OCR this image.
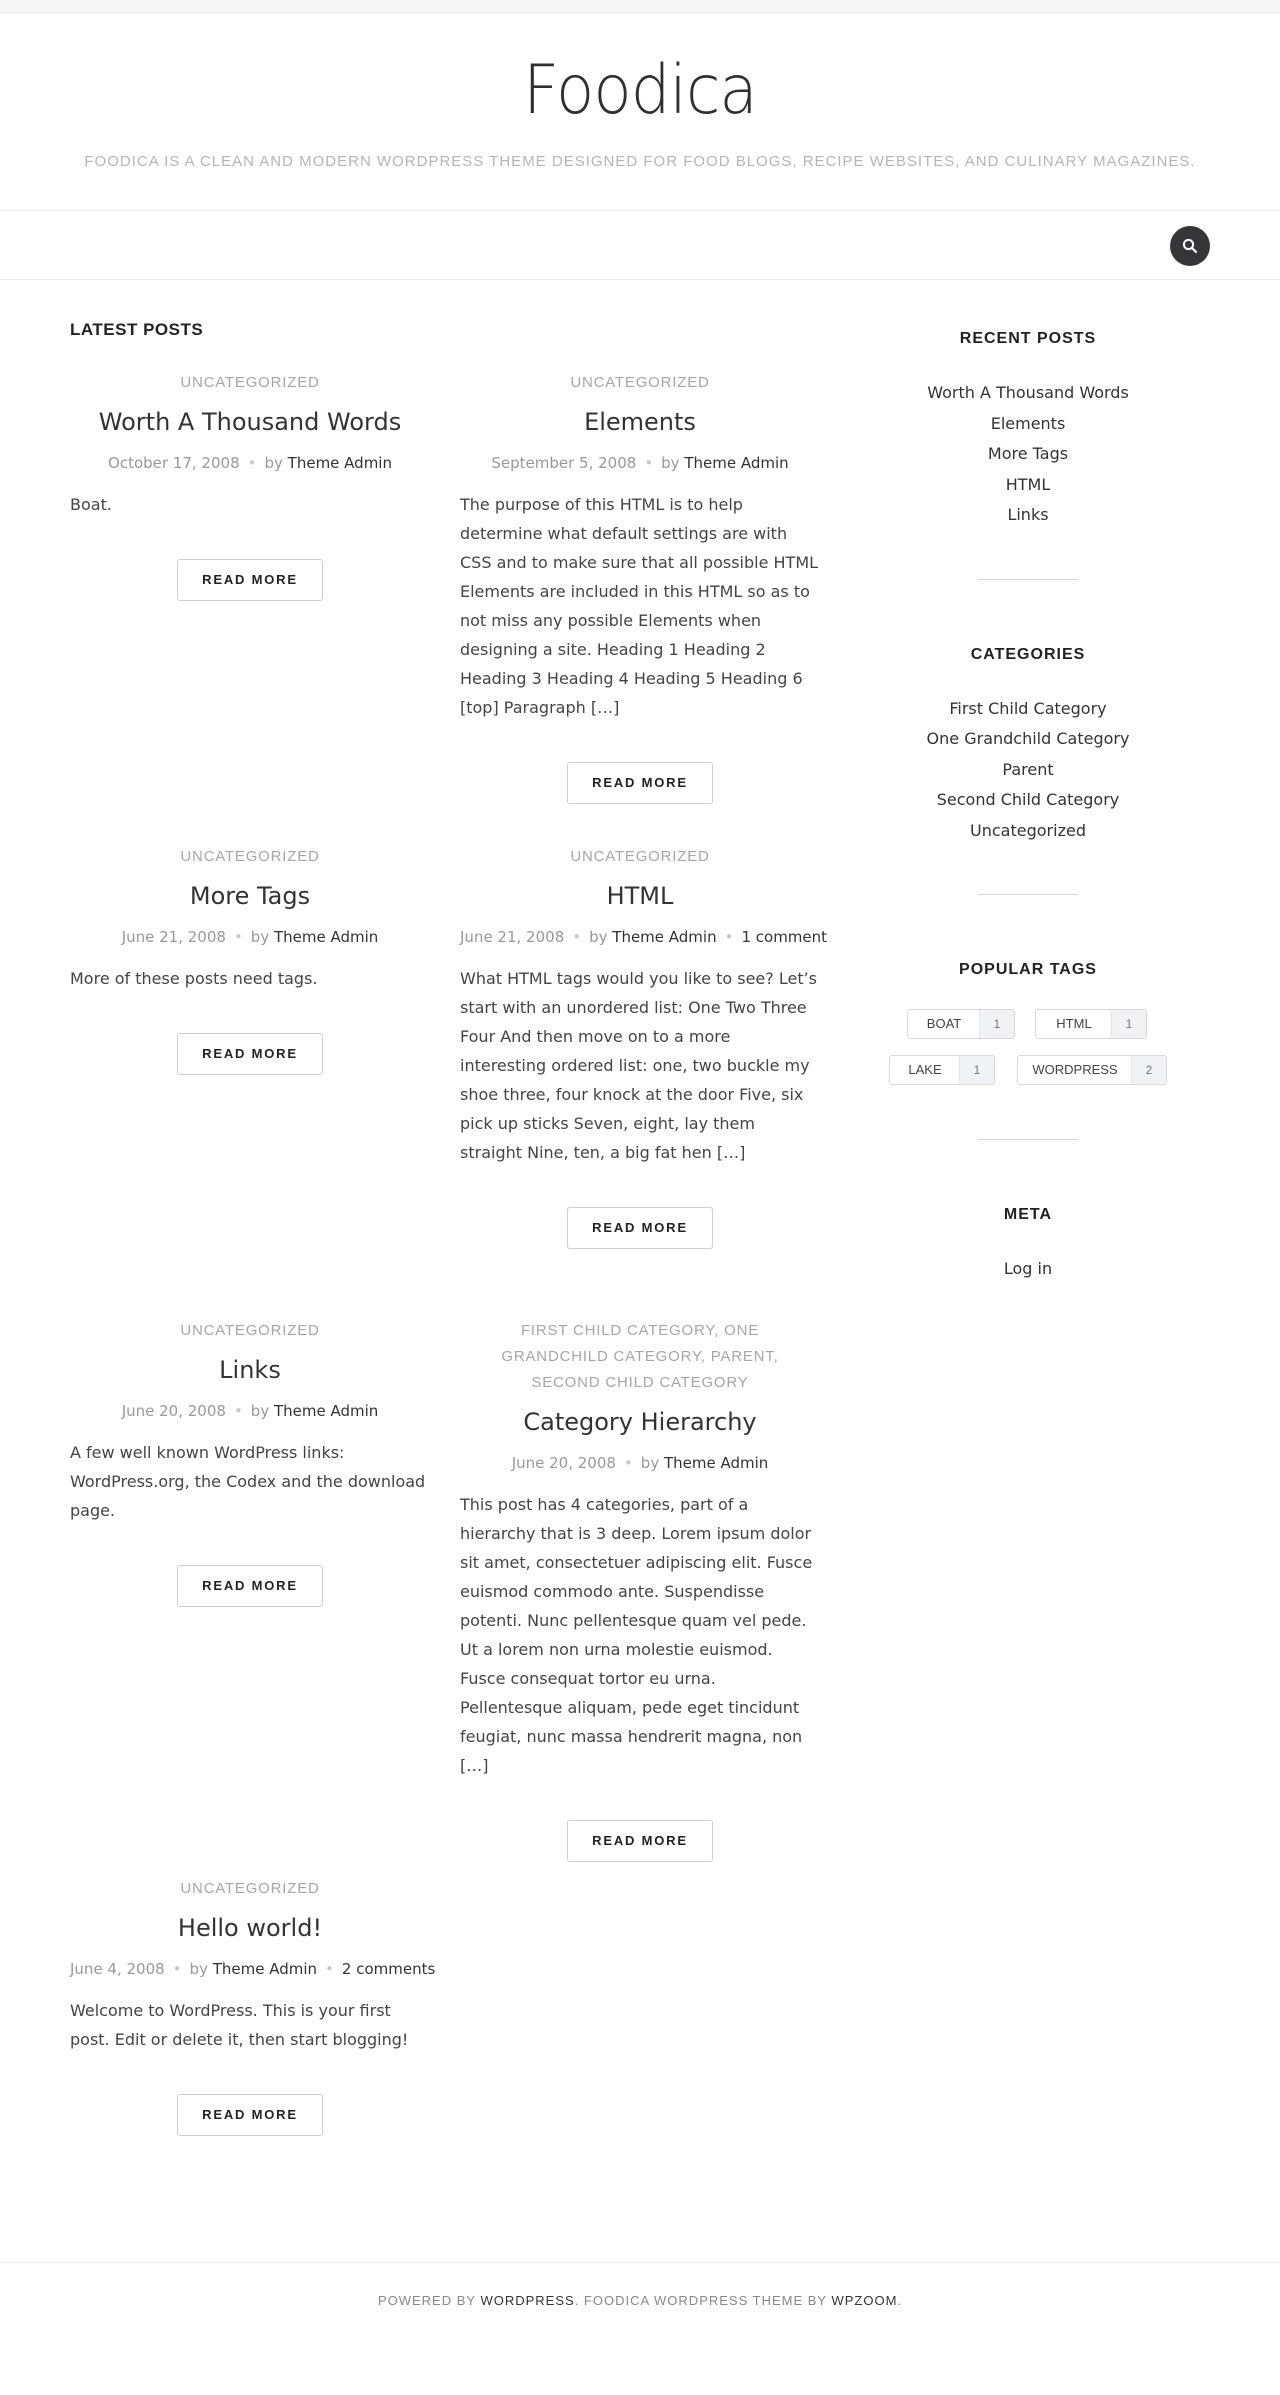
Foodica
FOODICA IS A CLEAN AND MODERN WORDPRESS THEME DESIGNED FOR FOOD BLOGS, RECIPE WEBSITES, AND CULINARY MAGAZINES.
LATEST POSTS
UNCATEGORIZED
Worth A Thousand Words
October 17, 2008 • by Theme Admin
Boat.
READ MORE
UNCATEGORIZED
Elements
September 5, 2008 • by Theme Admin
The purpose of this HTML is to help determine what default settings are with CSS and to make sure that all possible HTML Elements are included in this HTML so as to not miss any possible Elements when designing a site. Heading 1 Heading 2 Heading 3 Heading 4 Heading 5 Heading 6 [top] Paragraph […]
READ MORE
UNCATEGORIZED
More Tags
June 21, 2008 • by Theme Admin
More of these posts need tags.
READ MORE
UNCATEGORIZED
HTML
June 21, 2008 • by Theme Admin • 1 comment
What HTML tags would you like to see? Let’s start with an unordered list: One Two Three Four And then move on to a more interesting ordered list: one, two buckle my shoe three, four knock at the door Five, six pick up sticks Seven, eight, lay them straight Nine, ten, a big fat hen […]
READ MORE
UNCATEGORIZED
Links
June 20, 2008 • by Theme Admin
A few well known WordPress links: WordPress.org, the Codex and the download page.
READ MORE
FIRST CHILD CATEGORY, ONE GRANDCHILD CATEGORY, PARENT, SECOND CHILD CATEGORY
Category Hierarchy
June 20, 2008 • by Theme Admin
This post has 4 categories, part of a hierarchy that is 3 deep. Lorem ipsum dolor sit amet, consectetuer adipiscing elit. Fusce euismod commodo ante. Suspendisse potenti. Nunc pellentesque quam vel pede. Ut a lorem non urna molestie euismod. Fusce consequat tortor eu urna. Pellentesque aliquam, pede eget tincidunt feugiat, nunc massa hendrerit magna, non […]
READ MORE
UNCATEGORIZED
Hello world!
June 4, 2008 • by Theme Admin • 2 comments
Welcome to WordPress. This is your first post. Edit or delete it, then start blogging!
READ MORE
RECENT POSTS
Worth A Thousand Words
Elements
More Tags
HTML
Links
CATEGORIES
First Child Category
One Grandchild Category
Parent
Second Child Category
Uncategorized
POPULAR TAGS
BOAT	1	HTML	1
LAKE	1	WORDPRESS	2
META
Log in
POWERED BY WORDPRESS. FOODICA WORDPRESS THEME BY WPZOOM.
